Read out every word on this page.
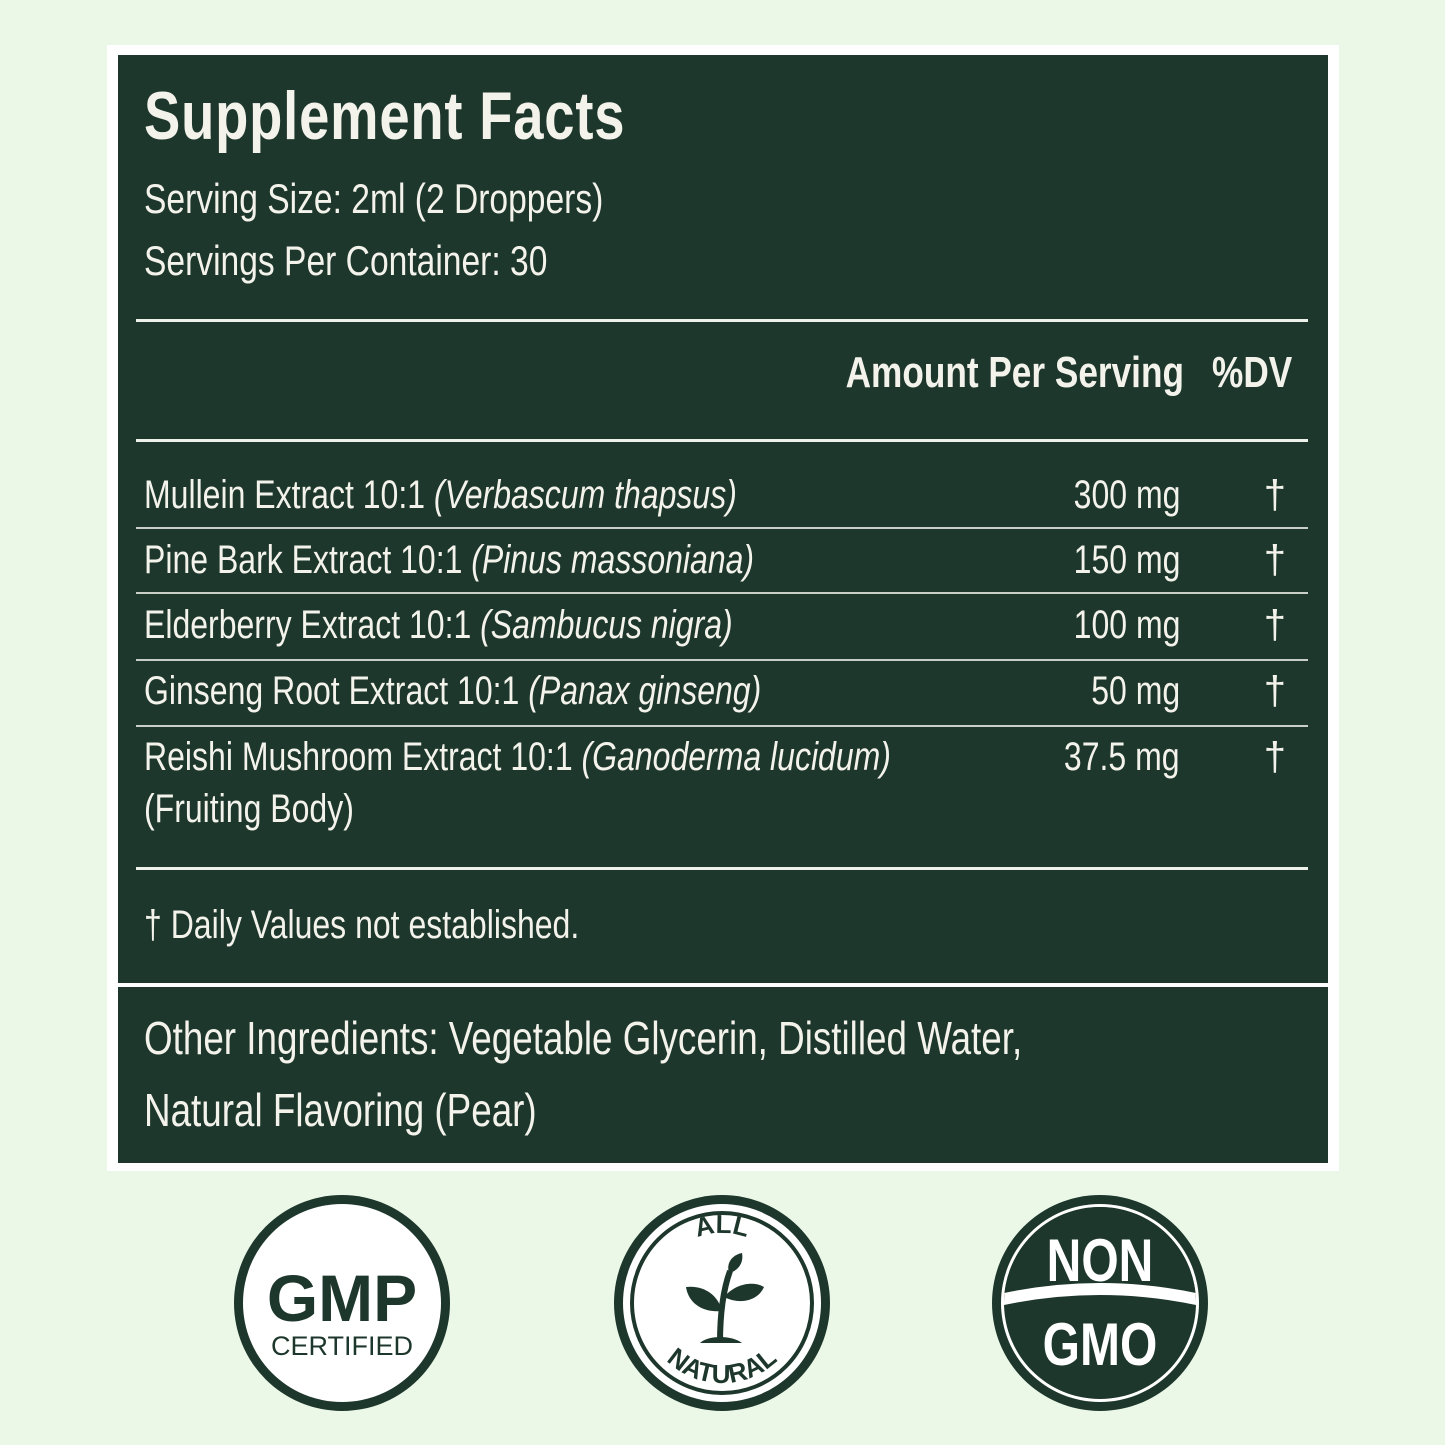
Supplement Facts
Serving Size: 2ml (2 Droppers)
Servings Per Container: 30
Amount Per Serving %DV
Mullein Extract 10:1 (Verbascum thapsus)	300 mg †
Pine Bark Extract 10:1 (Pinus massoniana)	150 mg †
Elderberry Extract 10:1 (Sambucus nigra)	100 mg †
Ginseng Root Extract 10:1 (Panax ginseng)	50 mg †
Reishi Mushroom Extract 10:1 (Ganoderma lucidum)
(Fruiting Body)
37.5 mg †
† Daily Values not established.
Other Ingredients: Vegetable Glycerin, Distilled Water,
Natural Flavoring (Pear)
GMP
CERTIFIED
ALL
NATURAL
NON
GMO
